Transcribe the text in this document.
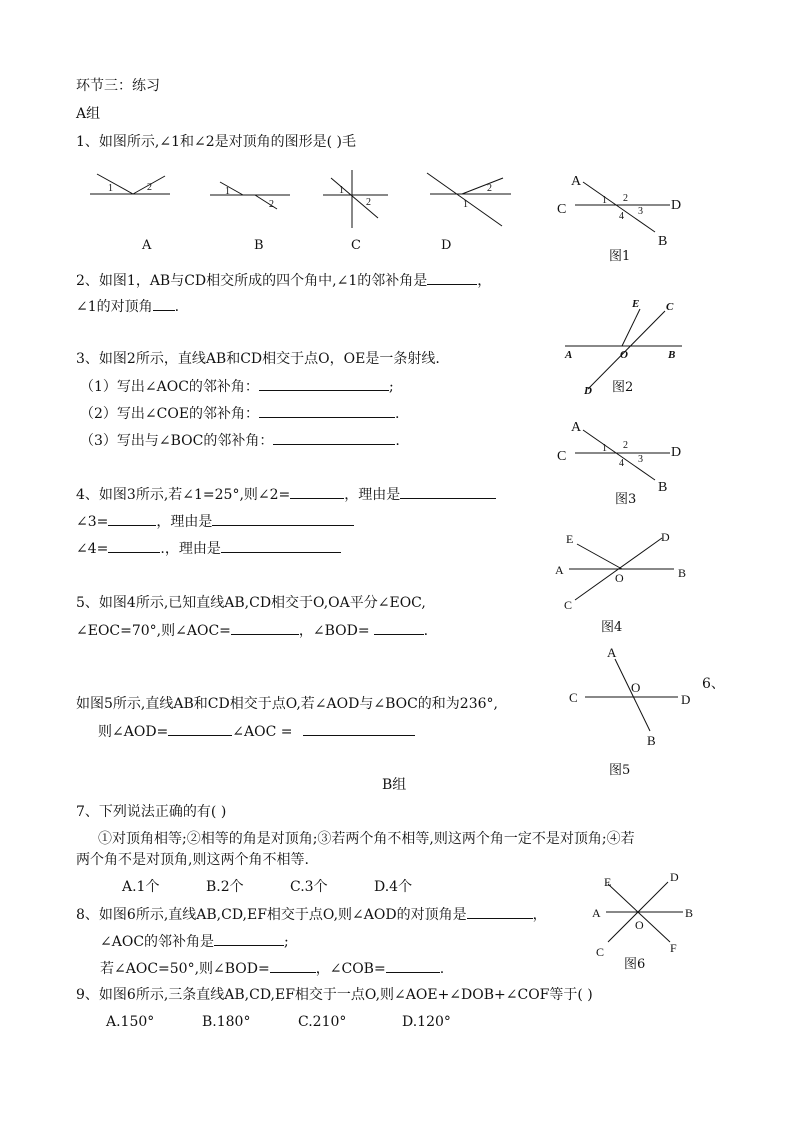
环节三：练习
A组
1、如图所示,∠1和∠2是对顶角的图形是( )毛
1	2
A
1
2
B
1
2
C
1
2
D
A
C	D
B
1 2
3
4
图1
2、如图1，AB与CD相交所成的四个角中,∠1的邻补角是	，
∠1的对顶角 .	E C
A	O	B
D 图2
3、如图2所示，直线AB和CD相交于点O，OE是一条射线.
（1）写出∠AOC的邻补角：	;
（2）写出∠COE的邻补角：	.
（3）写出与∠BOC的邻补角：	.
A
C	D
B
1 2
3
4
图3
4、如图3所示,若∠1=25°,则∠2=	，理由是
∠3=	，理由是
∠4=	.，理由是
E	D
A
O	B
C
图4
5、如图4所示,已知直线AB,CD相交于O,OA平分∠EOC,
∠EOC=70°,则∠AOC=	，∠BOD=	.
A
C
O
D
B
图5
6、
如图5所示,直线AB和CD相交于点O,若∠AOD与∠BOC的和为236°,
则∠AOD=	∠AOC =
B组
7、下列说法正确的有( )
①对顶角相等;②相等的角是对顶角;③若两个角不相等,则这两个角一定不是对顶角;④若
两个角不是对顶角,则这两个角不相等.
A.1个	B.2个	C.3个	D.4个	E	D
A	B
O
C	F
图6
8、如图6所示,直线AB,CD,EF相交于点O,则∠AOD的对顶角是	，
∠AOC的邻补角是	;
若∠AOC=50°,则∠BOD=	，∠COB=	.
9、如图6所示,三条直线AB,CD,EF相交于一点O,则∠AOE+∠DOB+∠COF等于( )
A.150°	B.180°	C.210°	D.120°
